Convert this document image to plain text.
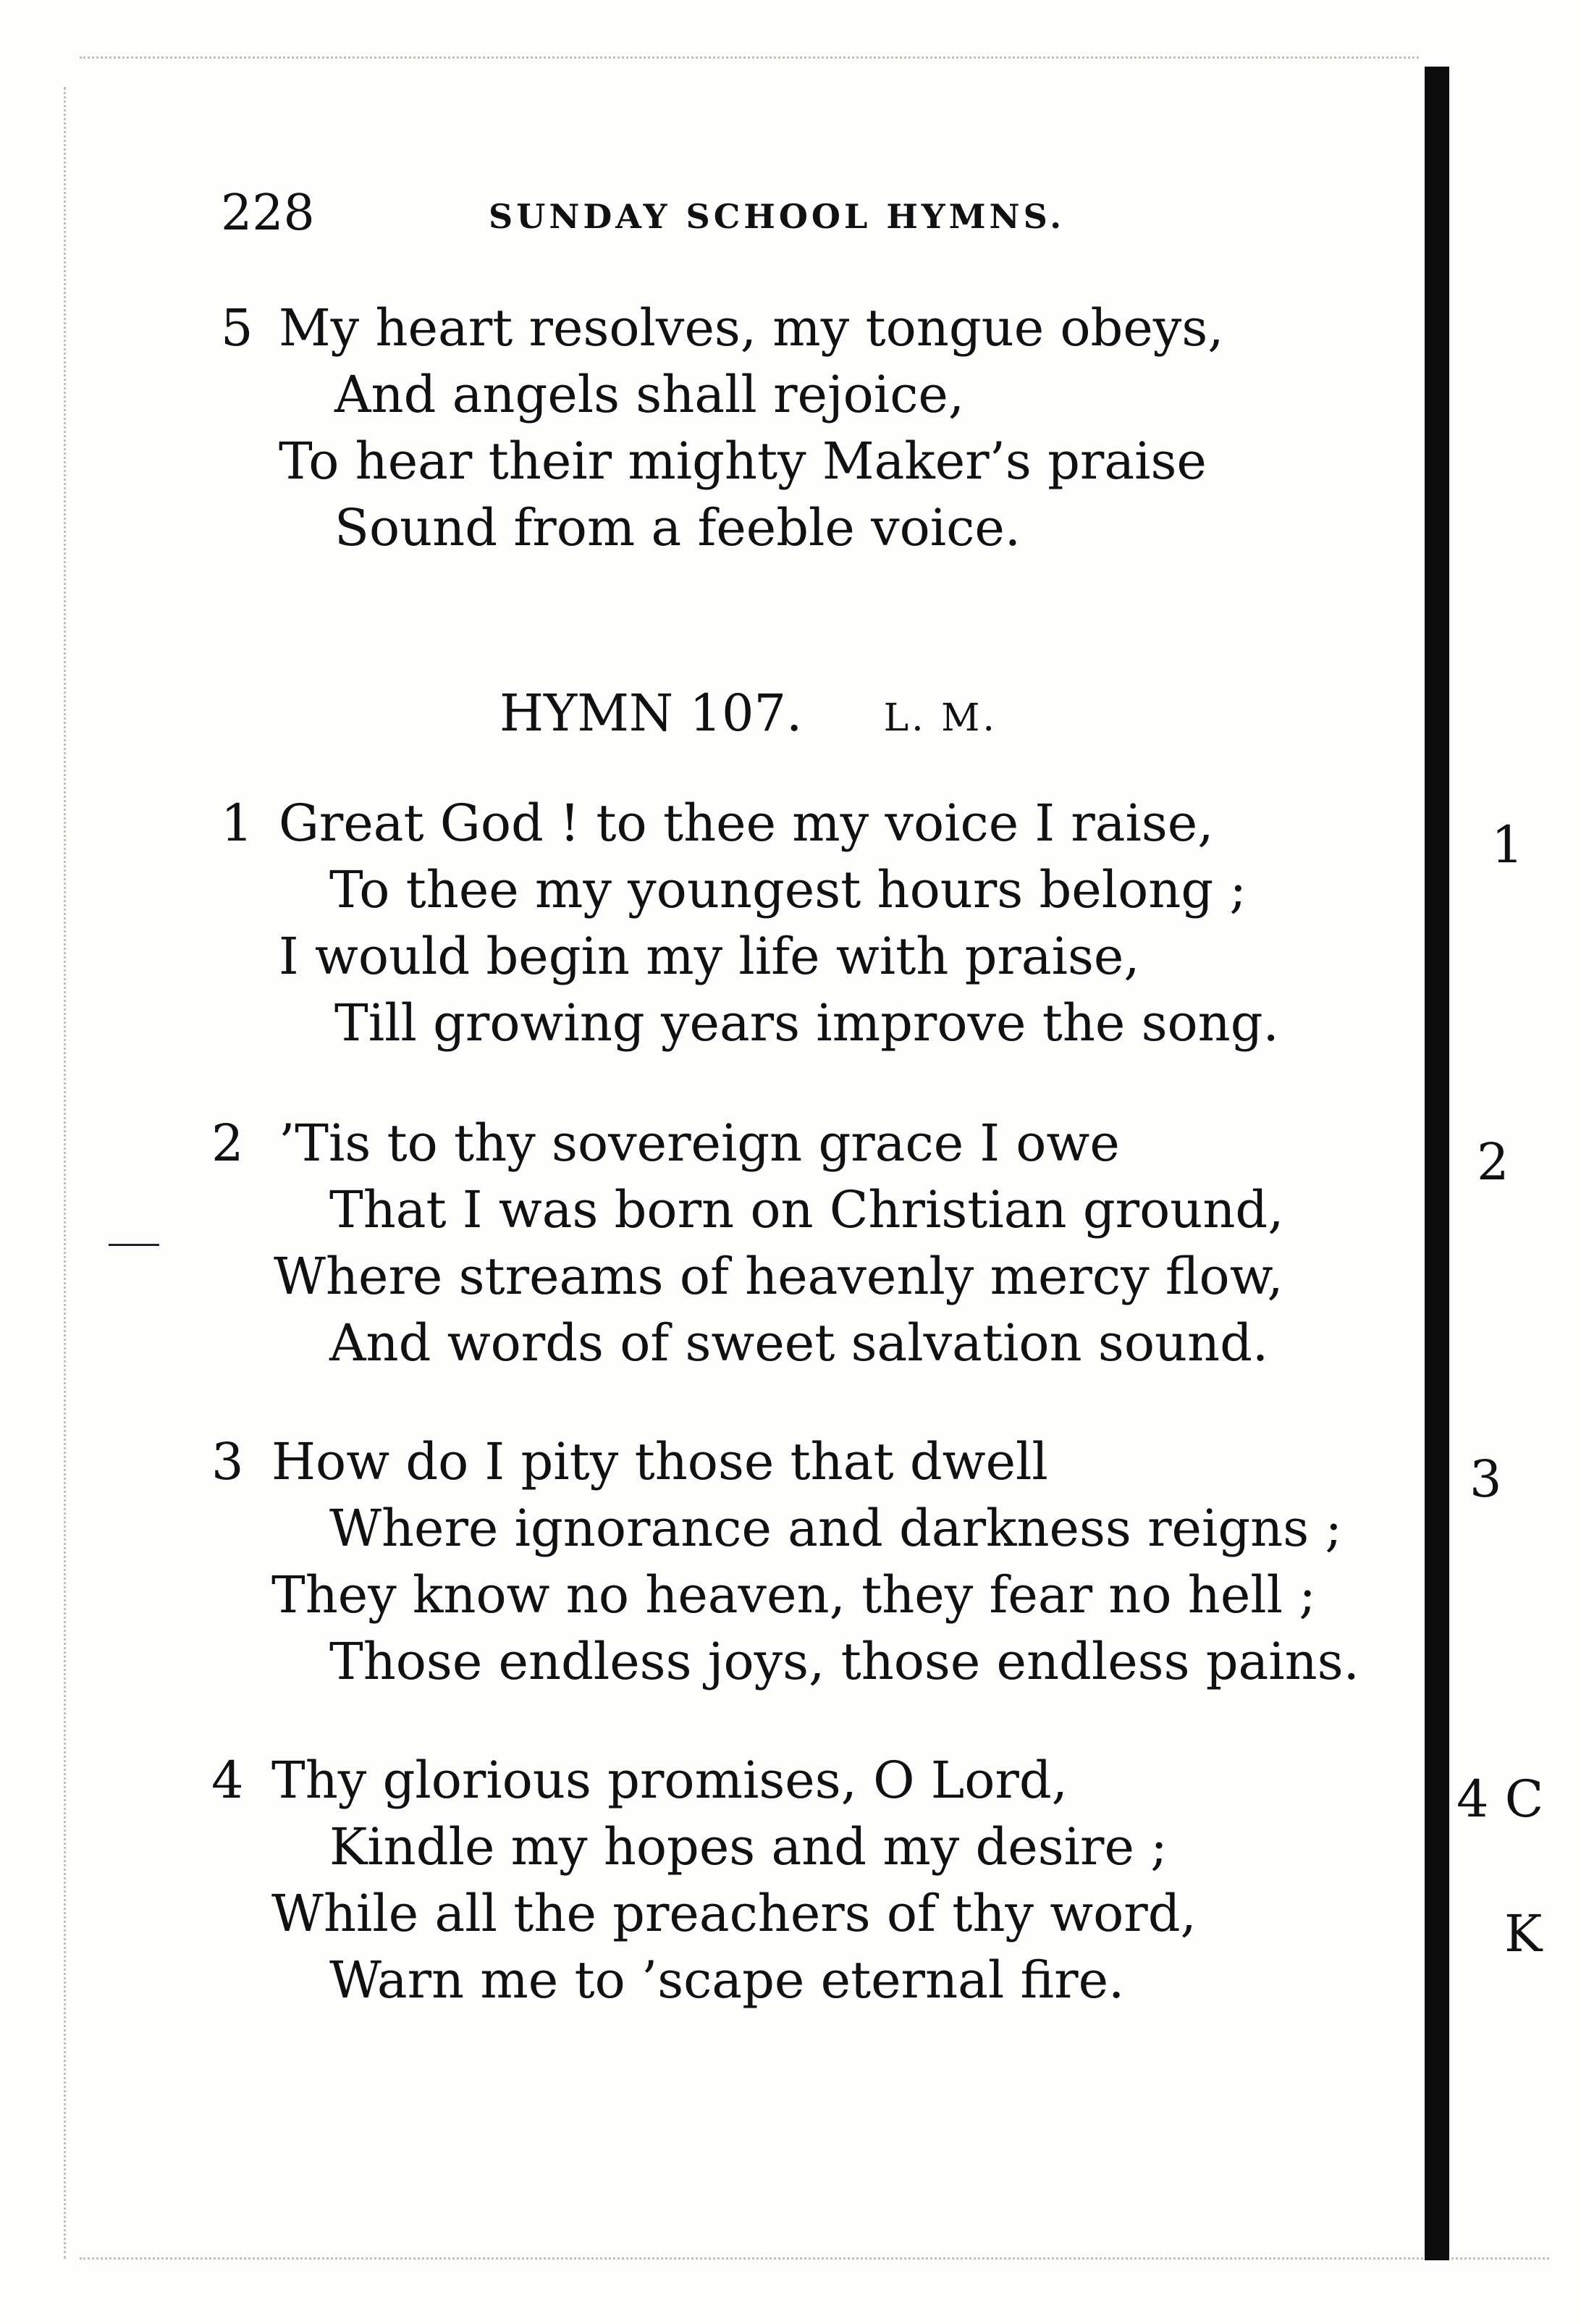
228	SUNDAY SCHOOL HYMNS.
5 My heart resolves, my tongue obeys,
And angels shall rejoice,
To hear their mighty Maker’s praise
Sound from a feeble voice.
HYMN 107. L. M.
1 Great God ! to thee my voice I raise,
To thee my youngest hours belong ;
I would begin my life with praise,
Till growing years improve the song.
2 ’Tis to thy sovereign grace I owe
That I was born on Christian ground,
Where streams of heavenly mercy flow,
And words of sweet salvation sound.
3 How do I pity those that dwell
Where ignorance and darkness reigns ;
They know no heaven, they fear no hell ;
Those endless joys, those endless pains.
4 Thy glorious promises, O Lord,
Kindle my hopes and my desire ;
While all the preachers of thy word,
Warn me to ’scape eternal fire.
1
2
3
4 C
K
